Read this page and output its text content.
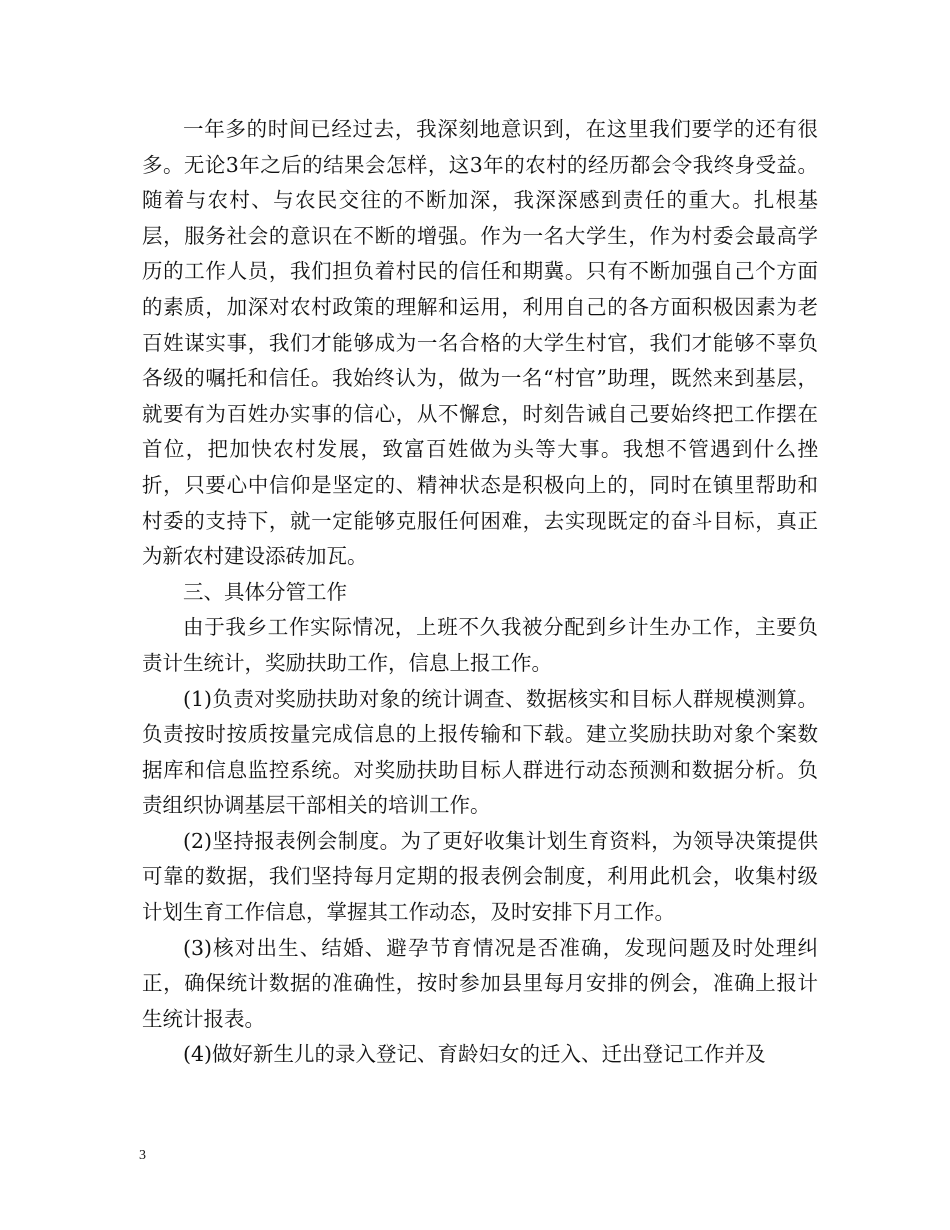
一年多的时间已经过去，我深刻地意识到，在这里我们要学的还有很多。无论3年之后的结果会怎样，这3年的农村的经历都会令我终身受益。随着与农村、与农民交往的不断加深，我深深感到责任的重大。扎根基层，服务社会的意识在不断的增强。作为一名大学生，作为村委会最高学历的工作人员，我们担负着村民的信任和期冀。只有不断加强自己个方面的素质，加深对农村政策的理解和运用，利用自己的各方面积极因素为老百姓谋实事，我们才能够成为一名合格的大学生村官，我们才能够不辜负各级的嘱托和信任。我始终认为，做为一名“村官”助理，既然来到基层，就要有为百姓办实事的信心，从不懈怠，时刻告诫自己要始终把工作摆在首位，把加快农村发展，致富百姓做为头等大事。我想不管遇到什么挫折，只要心中信仰是坚定的、精神状态是积极向上的，同时在镇里帮助和村委的支持下，就一定能够克服任何困难，去实现既定的奋斗目标，真正为新农村建设添砖加瓦。

三、具体分管工作

由于我乡工作实际情况，上班不久我被分配到乡计生办工作，主要负责计生统计，奖励扶助工作，信息上报工作。

(1)负责对奖励扶助对象的统计调查、数据核实和目标人群规模测算。负责按时按质按量完成信息的上报传输和下载。建立奖励扶助对象个案数据库和信息监控系统。对奖励扶助目标人群进行动态预测和数据分析。负责组织协调基层干部相关的培训工作。

(2)坚持报表例会制度。为了更好收集计划生育资料，为领导决策提供可靠的数据，我们坚持每月定期的报表例会制度，利用此机会，收集村级计划生育工作信息，掌握其工作动态，及时安排下月工作。

(3)核对出生、结婚、避孕节育情况是否准确，发现问题及时处理纠正，确保统计数据的准确性，按时参加县里每月安排的例会，准确上报计生统计报表。

(4)做好新生儿的录入登记、育龄妇女的迁入、迁出登记工作并及

3
